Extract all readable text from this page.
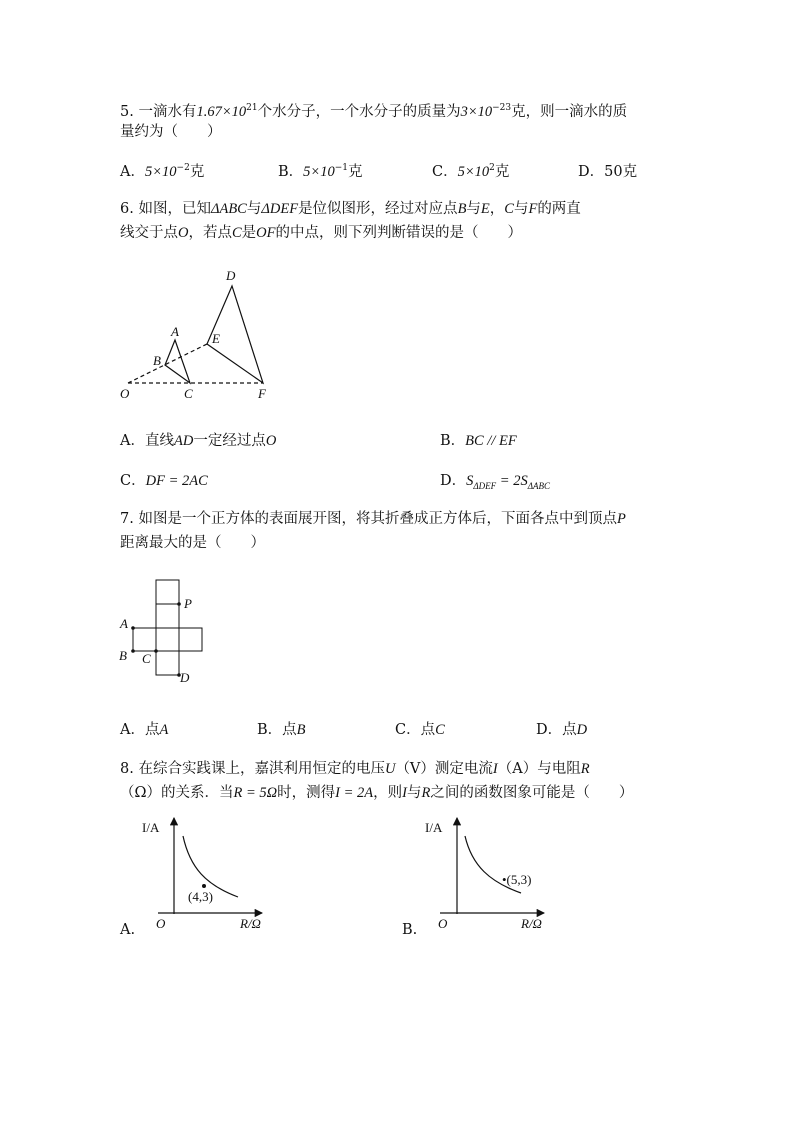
5. 一滴水有$1.67\times 10^{21}$个水分子，一个水分子的质量为$3\times 10^{-23}$克，则一滴水的质
量约为（　　）
A．$5\times 10^{-2}$克	B．$5\times 10^{-1}$克	C．$5\times 10^2$克	D．50克
6. 如图，已知ΔABC与ΔDEF是位似图形，经过对应点B与E，C与F的两直
线交于点O，若点C是OF的中点，则下列判断错误的是（　　）
D
A	E
B
O	C	F
A．直线AD一定经过点O	B．BC // EF
C．DF = 2AC	D．$S_{\Delta DEF} = 2S_{\Delta ABC}$
7. 如图是一个正方体的表面展开图，将其折叠成正方体后，下面各点中到顶点P
距离最大的是（　　）
P
A
B C
D
A．点A	B．点B	C．点C	D．点D
8. 在综合实践课上，嘉淇利用恒定的电压U（V）测定电流I（A）与电阻R
（Ω）的关系．当R = 5Ω时，测得I = 2A，则I与R之间的函数图象可能是（　　）
I/A
O	R/Ω
(4,3)
I/A
O	R/Ω
•(5,3)
A.	B.
